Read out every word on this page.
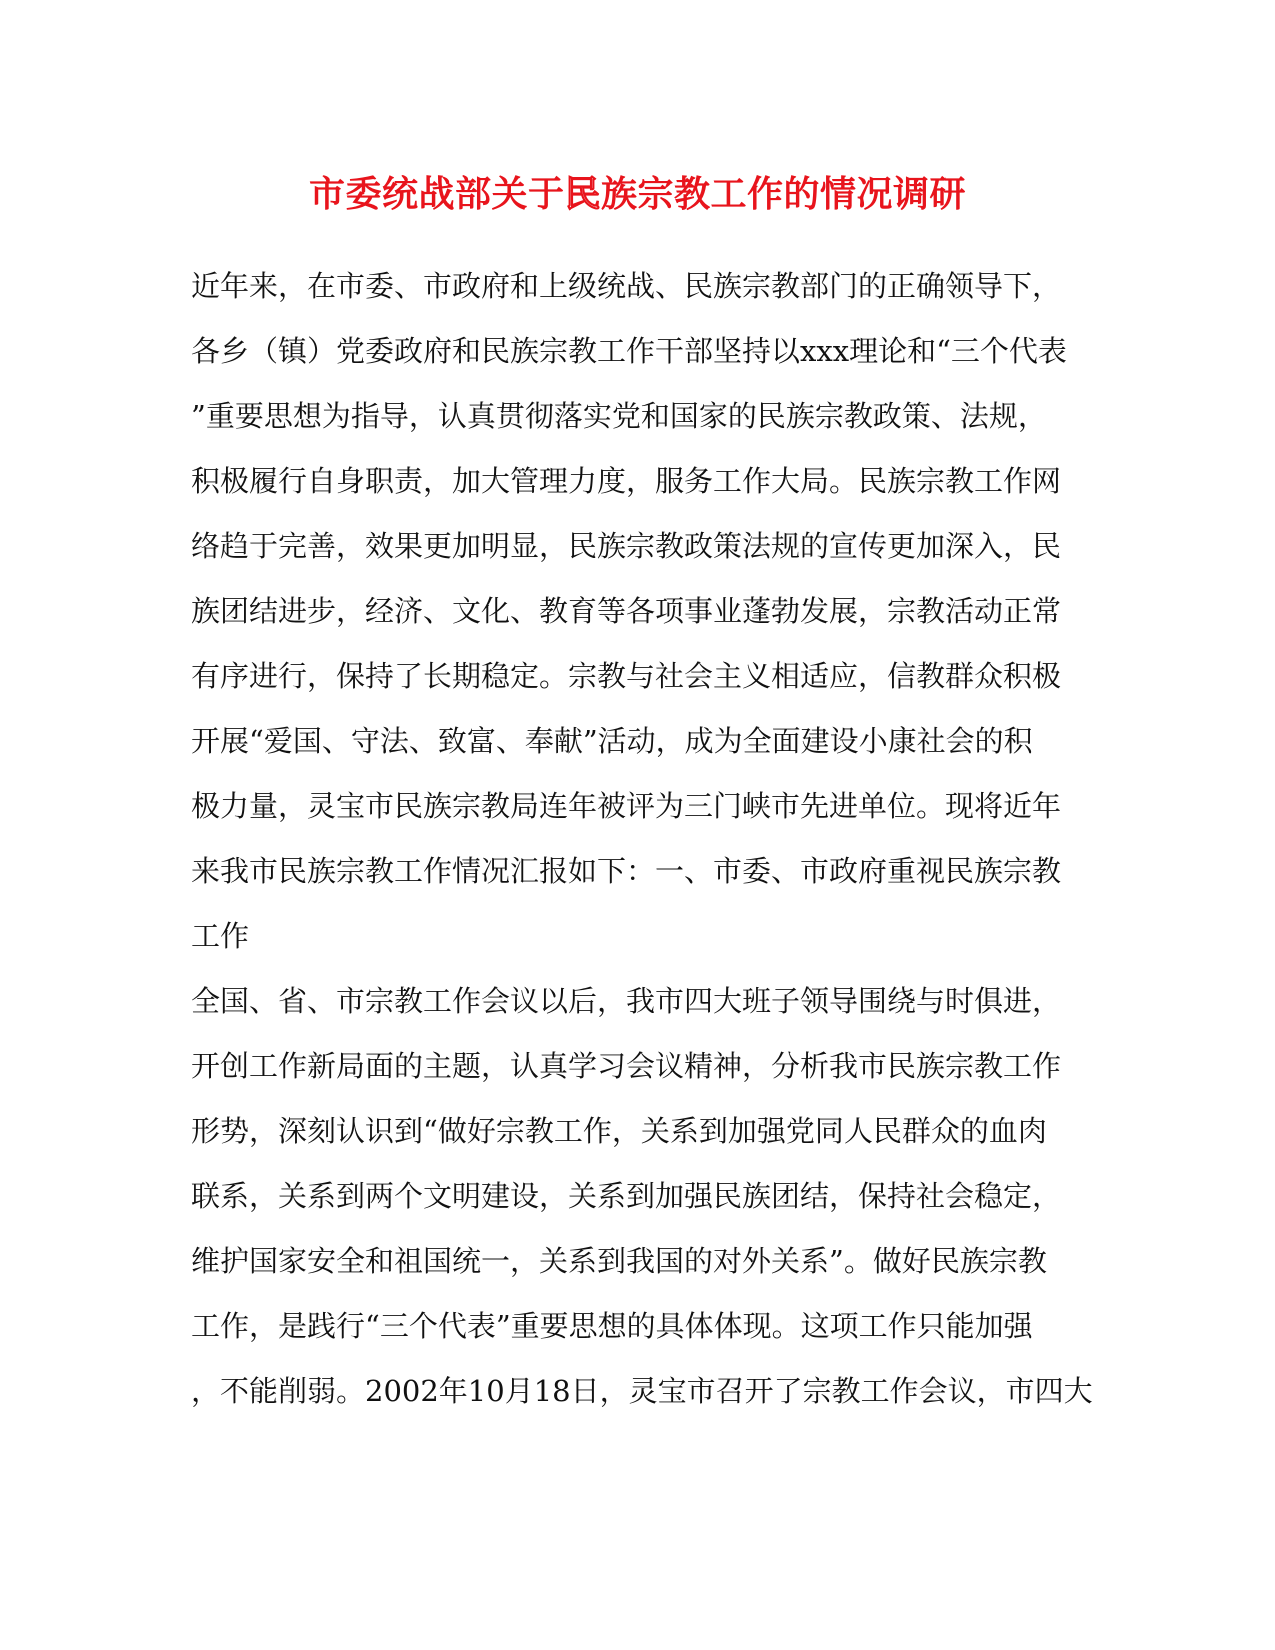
市委统战部关于民族宗教工作的情况调研
近年来，在市委、市政府和上级统战、民族宗教部门的正确领导下，
各乡（镇）党委政府和民族宗教工作干部坚持以xxx理论和“三个代表
”重要思想为指导，认真贯彻落实党和国家的民族宗教政策、法规，
积极履行自身职责，加大管理力度，服务工作大局。民族宗教工作网
络趋于完善，效果更加明显，民族宗教政策法规的宣传更加深入，民
族团结进步，经济、文化、教育等各项事业蓬勃发展，宗教活动正常
有序进行，保持了长期稳定。宗教与社会主义相适应，信教群众积极
开展“爱国、守法、致富、奉献”活动，成为全面建设小康社会的积
极力量，灵宝市民族宗教局连年被评为三门峡市先进单位。现将近年
来我市民族宗教工作情况汇报如下：一、市委、市政府重视民族宗教
工作
全国、省、市宗教工作会议以后，我市四大班子领导围绕与时俱进，
开创工作新局面的主题，认真学习会议精神，分析我市民族宗教工作
形势，深刻认识到“做好宗教工作，关系到加强党同人民群众的血肉
联系，关系到两个文明建设，关系到加强民族团结，保持社会稳定，
维护国家安全和祖国统一，关系到我国的对外关系”。做好民族宗教
工作，是践行“三个代表”重要思想的具体体现。这项工作只能加强
，不能削弱。2002年10月18日，灵宝市召开了宗教工作会议，市四大
